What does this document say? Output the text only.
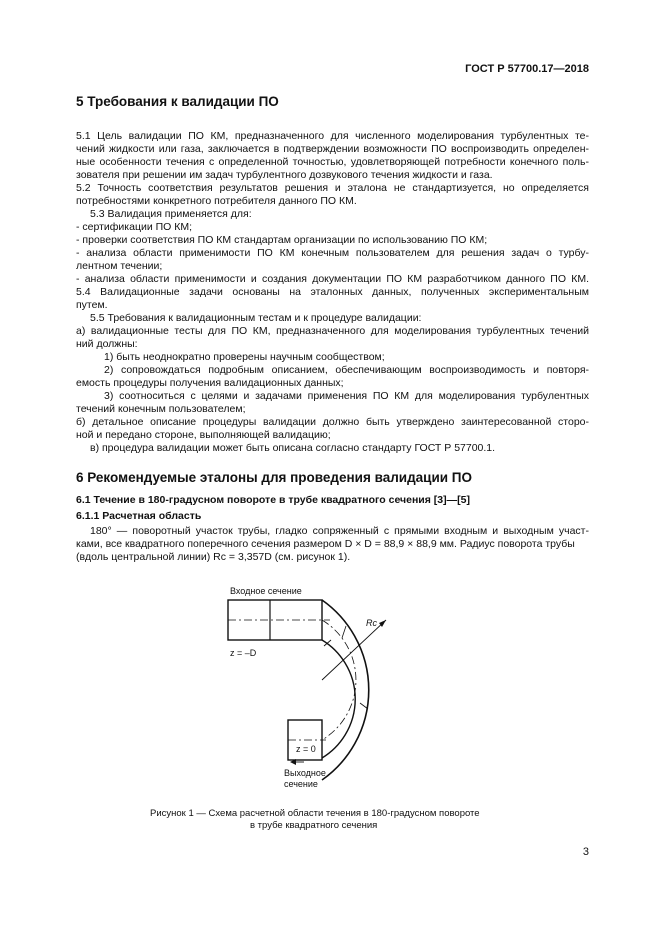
ГОСТ Р 57700.17—2018
5 Требования к валидации ПО
5.1 Цель валидации ПО КМ, предназначенного для численного моделирования турбулентных те-
чений жидкости или газа, заключается в подтверждении возможности ПО воспроизводить определен-
ные особенности течения с определенной точностью, удовлетворяющей потребности конечного поль-
зователя при решении им задач турбулентного дозвукового течения жидкости и газа.
5.2 Точность соответствия результатов решения и эталона не стандартизуется, но определяется
потребностями конкретного потребителя данного ПО КМ.
5.3 Валидация применяется для:
- сертификации ПО КМ;
- проверки соответствия ПО КМ стандартам организации по использованию ПО КМ;
- анализа области применимости ПО КМ конечным пользователем для решения задач о турбу-
лентном течении;
- анализа области применимости и создания документации ПО КМ разработчиком данного ПО КМ.
5.4 Валидационные задачи основаны на эталонных данных, полученных экспериментальным
путем.
5.5 Требования к валидационным тестам и к процедуре валидации:
а) валидационные тесты для ПО КМ, предназначенного для моделирования турбулентных течений
ний должны:
1) быть неоднократно проверены научным сообществом;
2) сопровождаться подробным описанием, обеспечивающим воспроизводимость и повторя-
емость процедуры получения валидационных данных;
3) соотноситься с целями и задачами применения ПО КМ для моделирования турбулентных
течений конечным пользователем;
б) детальное описание процедуры валидации должно быть утверждено заинтересованной сторо-
ной и передано стороне, выполняющей валидацию;
в) процедура валидации может быть описана согласно стандарту ГОСТ Р 57700.1.
6 Рекомендуемые эталоны для проведения валидации ПО
6.1 Течение в 180-градусном повороте в трубе квадратного сечения [3]—[5]
6.1.1 Расчетная область
180° — поворотный участок трубы, гладко сопряженный с прямыми входным и выходным участ-
ками, все квадратного поперечного сечения размером D × D = 88,9 × 88,9 мм. Радиус поворота трубы
(вдоль центральной линии) Rc = 3,357D (см. рисунок 1).
Входное сечение
z = –D
Rc
z = 0
Выходное
сечение
Рисунок 1 — Схема расчетной области течения в 180-градусном повороте
в трубе квадратного сечения
3
